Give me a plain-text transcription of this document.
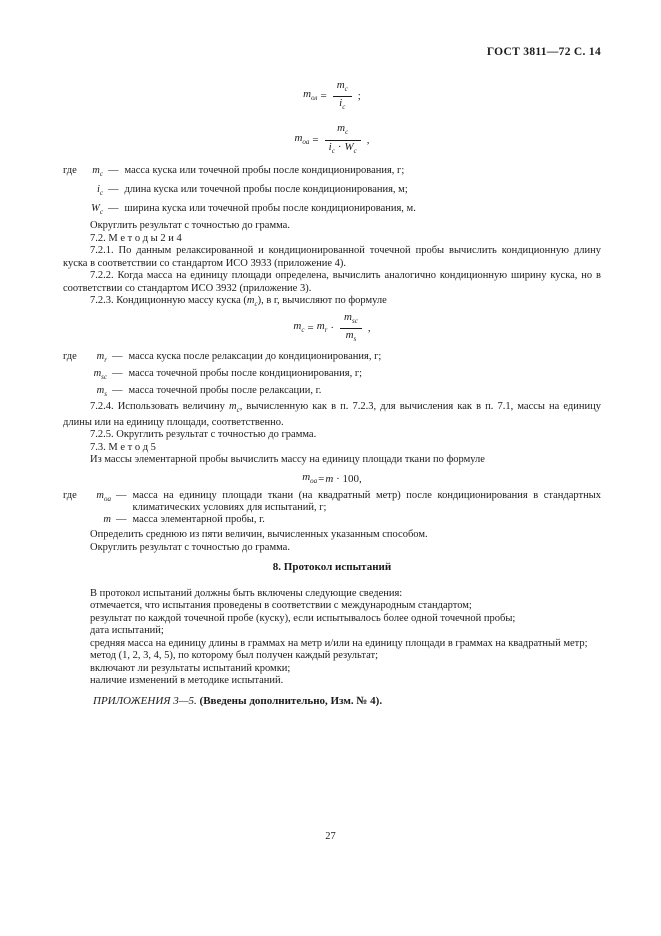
ГОСТ 3811—72 С. 14
$m_{ол} = \frac{m_c}{i_c}$ ;
$m_{оа} = \frac{m_c}{i_c \cdot W_c}$ ,
где	$m_c$ — масса куска или точечной пробы после кондиционирования, г;
$i_c$ — длина куска или точечной пробы после кондиционирования, м;
$W_c$ — ширина куска или точечной пробы после кондиционирования, м.

Округлить результат с точностью до грамма.

7.2. М е т о д ы 2 и 4

7.2.1. По данным релаксированной и кондиционированной точечной пробы вычислить кондиционную длину куска в соответствии со стандартом ИСО 3933 (приложение 4).

7.2.2. Когда масса на единицу площади определена, вычислить аналогично кондиционную ширину куска, но в соответствии со стандартом ИСО 3932 (приложение 3).

7.2.3. Кондиционную массу куска $(m_c)$, в г, вычисляют по формуле

$m_c = m_r \cdot \frac{m_{sc}}{m_s}$ ,
где	$m_r$ — масса куска после релаксации до кондиционирования, г;
$m_{sc}$ — масса точечной пробы после кондиционирования, г;
$m_s$ — масса точечной пробы после релаксации, г.

7.2.4. Использовать величину $m_c$, вычисленную как в п. 7.2.3, для вычисления как в п. 7.1, массы на единицу длины или на единицу площади, соответственно.

7.2.5. Округлить результат с точностью до грамма.

7.3. М е т о д 5

Из массы элементарной пробы вычислить массу на единицу площади ткани по формуле

$m_{оа} = m \cdot 100$,
где	$m_{оа}$ — масса на единицу площади ткани (на квадратный метр) после кондиционирования в стандартных климатических условиях для испытаний, г;
m — масса элементарной пробы, г.

Определить среднюю из пяти величин, вычисленных указанным способом.

Округлить результат с точностью до грамма.

8. Протокол испытаний

В протокол испытаний должны быть включены следующие сведения:

отмечается, что испытания проведены в соответствии с международным стандартом;

результат по каждой точечной пробе (куску), если испытывалось более одной точечной пробы;

дата испытаний;

средняя масса на единицу длины в граммах на метр и/или на единицу площади в граммах на квадратный метр;

метод (1, 2, 3, 4, 5), по которому был получен каждый результат;

включают ли результаты испытаний кромки;

наличие изменений в методике испытаний.

ПРИЛОЖЕНИЯ 3—5. (Введены дополнительно, Изм. № 4).
27
